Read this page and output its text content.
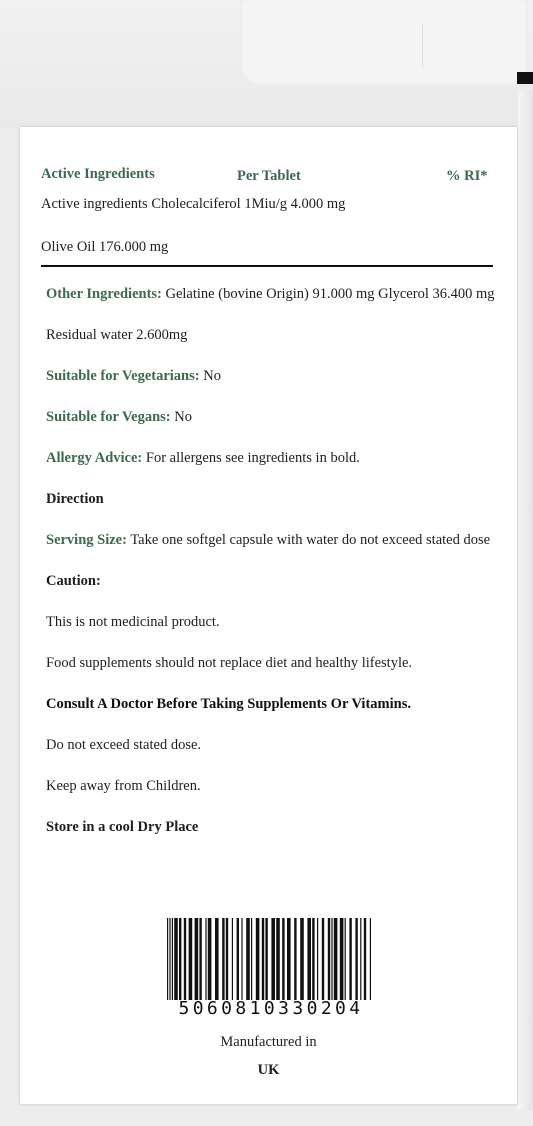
Active Ingredients	Per Tablet	% RI*
Active ingredients Cholecalciferol 1Miu/g 4.000 mg
Olive Oil 176.000 mg
Other Ingredients: Gelatine (bovine Origin) 91.000 mg Glycerol 36.400 mg
Residual water 2.600mg
Suitable for Vegetarians: No
Suitable for Vegans: No
Allergy Advice: For allergens see ingredients in bold.
Direction
Serving Size: Take one softgel capsule with water do not exceed stated dose
Caution:
This is not medicinal product.
Food supplements should not replace diet and healthy lifestyle.
Consult A Doctor Before Taking Supplements Or Vitamins.
Do not exceed stated dose.
Keep away from Children.
Store in a cool Dry Place
5060810330204
Manufactured in
UK
